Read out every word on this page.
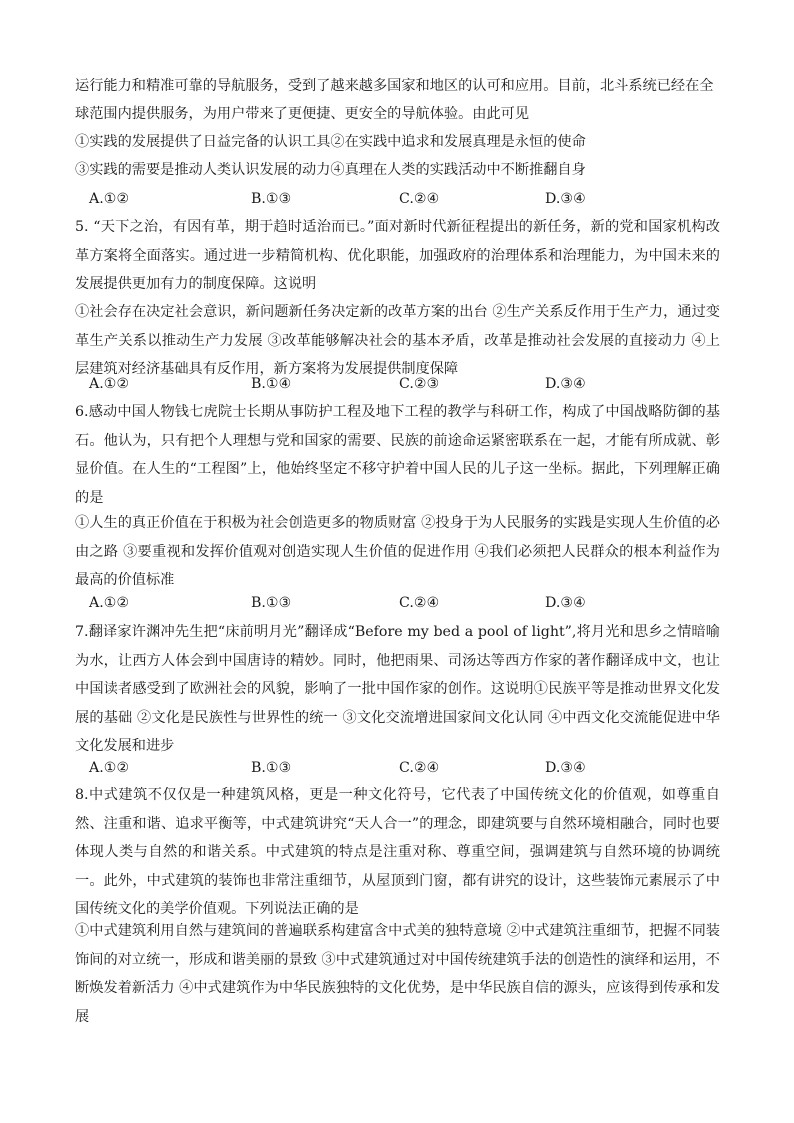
运行能力和精准可靠的导航服务，受到了越来越多国家和地区的认可和应用。目前，北斗系统已经在全

球范围内提供服务，为用户带来了更便捷、更安全的导航体验。由此可见

①实践的发展提供了日益完备的认识工具②在实践中追求和发展真理是永恒的使命

③实践的需要是推动人类认识发展的动力④真理在人类的实践活动中不断推翻自身

A.①②	B.①③	C.②④	D.③④

5. “天下之治，有因有革，期于趋时适治而已。”面对新时代新征程提出的新任务，新的党和国家机构改革方案将全面落实。通过进一步精简机构、优化职能，加强政府的治理体系和治理能力，为中国未来的发展提供更加有力的制度保障。这说明

①社会存在决定社会意识，新问题新任务决定新的改革方案的出台 ②生产关系反作用于生产力，通过变革生产关系以推动生产力发展 ③改革能够解决社会的基本矛盾，改革是推动社会发展的直接动力 ④上层建筑对经济基础具有反作用，新方案将为发展提供制度保障

A.①②	B.①④	C.②③	D.③④

6.感动中国人物钱七虎院士长期从事防护工程及地下工程的教学与科研工作，构成了中国战略防御的基石。他认为，只有把个人理想与党和国家的需要、民族的前途命运紧密联系在一起，才能有所成就、彰显价值。在人生的“工程图”上，他始终坚定不移守护着中国人民的儿子这一坐标。据此，下列理解正确的是

①人生的真正价值在于积极为社会创造更多的物质财富 ②投身于为人民服务的实践是实现人生价值的必由之路 ③要重视和发挥价值观对创造实现人生价值的促进作用 ④我们必须把人民群众的根本利益作为最高的价值标准

A.①②	B.①③	C.②④	D.③④

7.翻译家许渊冲先生把“床前明月光”翻译成“Before my bed a pool of light”,将月光和思乡之情暗喻为水，让西方人体会到中国唐诗的精妙。同时，他把雨果、司汤达等西方作家的著作翻译成中文，也让中国读者感受到了欧洲社会的风貌，影响了一批中国作家的创作。这说明①民族平等是推动世界文化发展的基础 ②文化是民族性与世界性的统一 ③文化交流增进国家间文化认同 ④中西文化交流能促进中华文化发展和进步

A.①②	B.①③	C.②④	D.③④

8.中式建筑不仅仅是一种建筑风格，更是一种文化符号，它代表了中国传统文化的价值观，如尊重自然、注重和谐、追求平衡等，中式建筑讲究“天人合一”的理念，即建筑要与自然环境相融合，同时也要体现人类与自然的和谐关系。中式建筑的特点是注重对称、尊重空间，强调建筑与自然环境的协调统一。此外，中式建筑的装饰也非常注重细节，从屋顶到门窗，都有讲究的设计，这些装饰元素展示了中国传统文化的美学价值观。下列说法正确的是

①中式建筑利用自然与建筑间的普遍联系构建富含中式美的独特意境 ②中式建筑注重细节，把握不同装饰间的对立统一，形成和谐美丽的景致 ③中式建筑通过对中国传统建筑手法的创造性的演绎和运用，不断焕发着新活力 ④中式建筑作为中华民族独特的文化优势，是中华民族自信的源头，应该得到传承和发展
